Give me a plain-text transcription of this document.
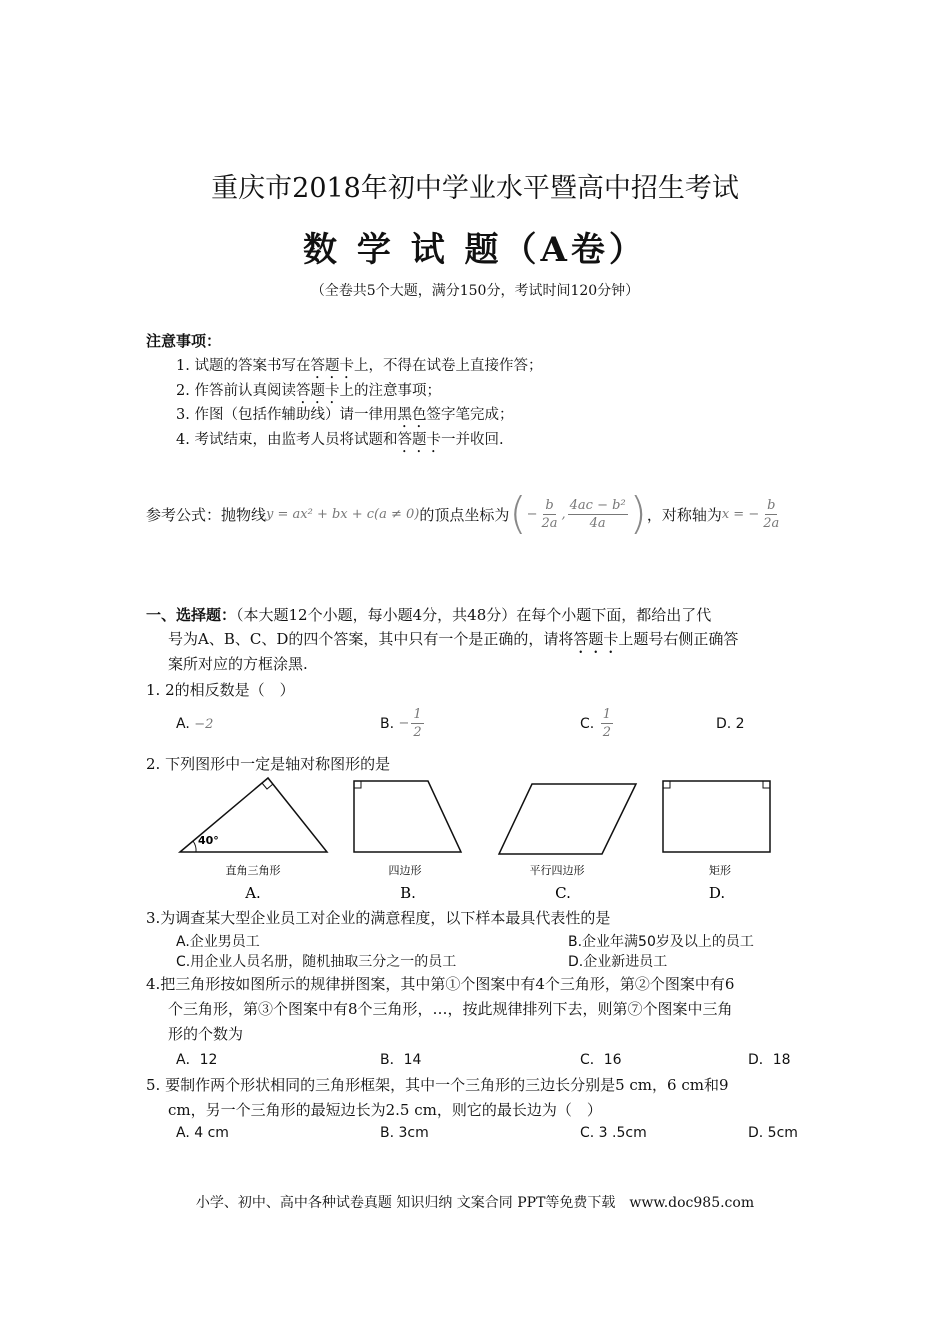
重庆市2018年初中学业水平暨高中招生考试
数 学 试 题（A卷）
（全卷共5个大题，满分150分，考试时间120分钟）
注意事项：
1. 试题的答案书写在答题卡上，不得在试卷上直接作答；
2. 作答前认真阅读答题卡上的注意事项；
3. 作图（包括作辅助线）请一律用黑色签字笔完成；
4. 考试结束，由监考人员将试题和答题卡一并收回.
参考公式：抛物线 y = ax² + bx + c(a ≠ 0) 的顶点坐标为 ( − $\frac{b}{2a}$ , $\frac{\text{4ac − b²}}{4a}$ ) ，对称轴为 x = − $\frac{b}{2a}$
一、选择题：（本大题12个小题，每小题4分，共48分）在每个小题下面，都给出了代
号为A、B、C、D的四个答案，其中只有一个是正确的，请将答题卡上题号右侧正确答
案所对应的方框涂黑.
1. 2的相反数是（　）
A.
−2	B.
− $\frac{1}{2}$	C.
$\frac{1}{2}$	D. 2
2. 下列图形中一定是轴对称图形的是
40°
直角三角形	四边形	平行四边形	矩形
A.	B.	C.	D.
3.为调查某大型企业员工对企业的满意程度，以下样本最具代表性的是
A.企业男员工	B.企业年满50岁及以上的员工
C.用企业人员名册，随机抽取三分之一的员工	D.企业新进员工
4.把三角形按如图所示的规律拼图案，其中第①个图案中有4个三角形，第②个图案中有6
个三角形，第③个图案中有8个三角形，…，按此规律排列下去，则第⑦个图案中三角
形的个数为
A．12	B．14	C．16	D．18
5. 要制作两个形状相同的三角形框架，其中一个三角形的三边长分别是5 cm，6 cm和9
cm，另一个三角形的最短边长为2.5 cm，则它的最长边为（　）
A. 4 cm	B. 3cm	C. 3 .5cm	D. 5cm
小学、初中、高中各种试卷真题 知识归纳 文案合同 PPT等免费下载　www.doc985.com
